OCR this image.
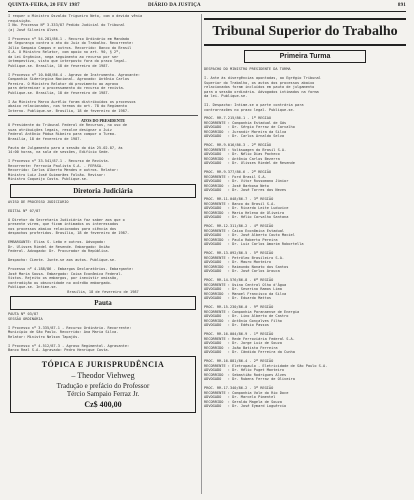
QUINTA-FEIRA, 20 FEV 1987	DIÁRIO DA JUSTIÇA	891
I requer o Ministro Osvaldo Trigueiro Neto, com a devida vênia
requisição.
I No. Processo Nº 3.333/87 Pedido Judicial do Tribunal
(a) José Silveira Alves

I Processo nº 54.281/86-1 - Recurso Ordinário em Mandado
de Segurança contra o ato do Juiz do Trabalho. Recorrente:
Júlio Sampaio Campos e outros. Recorrido: Banco do Brasil
S.A. O Ministro Relator, com apoio no art. 90, § 2º,
da Lei Orgânica, nega seguimento ao recurso por ser
intempestivo, visto que interposto fora do prazo legal.
Publique-se. Brasília, 18 de fevereiro de 1987.

I Processo nº 10.048/86-4 - Agravo de Instrumento. Agravante:
Companhia Siderúrgica Nacional. Agravado: Antônio Carlos
Pereira. O Ministro Relator dá provimento ao agravo
para determinar o processamento do recurso de revista.
Publique-se. Brasília, 18 de fevereiro de 1987.

I Ao Ministro Marco Aurélio foram distribuídos os processos
abaixo relacionados, nos termos do art. 78 do Regimento
Interno. Publique-se. Brasília, 18 de fevereiro de 1987.
ATOS DO PRESIDENTE
O Presidente do Tribunal Federal de Recursos, no uso de
suas atribuições legais, resolve designar o Juiz
Federal Antônio Pádua Ribeiro para compor a Turma.
Brasília, 18 de fevereiro de 1987.

Pauta de Julgamento para a sessão do dia 25.02.87, às
14:00 horas, na sala de sessões, Edifício Sede.

I Processo nº 33.541/87-1 - Recurso de Revista.
Recorrente: Ferrovia Paulista S.A. - FEPASA.
Recorrido: Carlos Alberto Mendes e outros. Relator:
Ministro Luiz José Guimarães Falcão. Revisor:
Ministro Coqueijo Costa. Publique-se.
Diretoria Judiciária
AVISO DE PROCESSO JUDICIÁRIO

EDITAL Nº 07/87

O Diretor da Secretaria Judiciária faz saber aos que o
presente virem, que ficam intimados os interessados
nos processos abaixo relacionados para ciência dos
despachos proferidos. Brasília, 18 de fevereiro de 1987.

EMBARGANTE: Elias S. Leão e outros. Advogado:
Dr. Ulisses Riedel de Resende. Embargado: União
Federal. Advogado: Dr. Procurador da República.

Despacho: Ciente. Junte-se aos autos. Publique-se.

Processo nº 4.188/86 - Embargos Declaratórios. Embargante:
José Maria Sousa. Embargado: Caixa Econômica Federal.
Vistos. Rejeito os embargos, por inexistir omissão,
contradição ou obscuridade no acórdão embargado.
Publique-se. Intime-se.
Brasília, 18 de fevereiro de 1987
Pauta
PAUTA Nº 03/87
SESSÃO ORDINÁRIA

I Processo nº 3.335/87-1 - Recurso Ordinário. Recorrente:
Município de São Paulo. Recorrido: Ana Maria Silva.
Relator: Ministro Nelson Tapajós.

I Processo nº 4.512/87-3 - Agravo Regimental. Agravante:
Banco Real S.A. Agravado: Pedro Henrique Costa.
TÓPICA E JURISPRUDÊNCIA
– Theodor Viehweg
Tradução e prefácio do Professor
Tércio Sampaio Ferraz Jr.
Cz$ 400,00
Tribunal Superior do Trabalho
Primeira Turma
DESPACHO DO MINISTRO PRESIDENTE DA TURMA

I. Ante às divergências apontadas, ao Egrégio Tribunal
Superior do Trabalho, os autos dos processos abaixo
relacionados foram incluídos em pauta de julgamento
para a sessão ordinária. Advogados intimados na forma
da lei. Publique-se.

II. Despacho: Intime-se a parte contrária para
contrarrazões no prazo legal. Publique-se.
PROC. RR-7.215/86-1 - 1ª REGIÃO
RECORRENTE : Companhia Estadual de Gás
ADVOGADO   : Dr. Sérgio Ferraz de Carvalho
RECORRIDO  : Jurandir Moreira da Silva
ADVOGADO   : Dr. Carlos Arnaldo Selva

PROC. RR-9.016/86-3 - 2ª REGIÃO
RECORRENTE : Volkswagen do Brasil S.A.
ADVOGADO   : Dr. Nélio Dias Pacheco
RECORRIDO  : Antônio Carlos Bezerra
ADVOGADO   : Dr. Ulisses Riedel de Resende

PROC. RR-9.377/86-6 - 2ª REGIÃO
RECORRENTE : Ford Brasil S.A.
ADVOGADO   : Dr. Vitor Russomano Júnior
RECORRIDO  : José Barbosa Neto
ADVOGADO   : Dr. José Torres das Neves

PROC. RR-11.048/86-7 - 3ª REGIÃO
RECORRENTE : Banco do Brasil S.A.
ADVOGADO   : Dr. Ricardo Leite Luduvice
RECORRIDO  : Maria Helena de Oliveira
ADVOGADO   : Dr. Hélio Carvalho Santana

PROC. RR-12.311/86-2 - 4ª REGIÃO
RECORRENTE : Caixa Econômica Estadual
ADVOGADO   : Dr. José Alberto Couto Maciel
RECORRIDO  : Paulo Roberto Pereira
ADVOGADO   : Dr. Luiz Carlos Amorim Robortella

PROC. RR-13.092/86-5 - 5ª REGIÃO
RECORRENTE : Petróleo Brasileiro S.A.
ADVOGADO   : Dr. Mauro Monteiro
RECORRIDO  : Raimundo Nonato dos Santos
ADVOGADO   : Dr. José Carlos Arouca

PROC. RR-14.576/86-8 - 6ª REGIÃO
RECORRENTE : Usina Central Olho d'Água
ADVOGADO   : Dr. Severino Ramos Lima
RECORRIDO  : Manoel Francisco da Silva
ADVOGADO   : Dr. Eduardo Mattos

PROC. RR-15.230/86-0 - 9ª REGIÃO
RECORRENTE : Companhia Paranaense de Energia
ADVOGADO   : Dr. Lino Alberto de Castro
RECORRIDO  : Antônio Gonçalves Filho
ADVOGADO   : Dr. Edésio Passos

PROC. RR-16.004/86-9 - 1ª REGIÃO
RECORRENTE : Rede Ferroviária Federal S.A.
ADVOGADO   : Dr. Jorge Luiz de Souza
RECORRIDO  : João Batista Ferreira
ADVOGADO   : Dr. Cândido Ferreira da Cunha

PROC. RR-16.881/86-4 - 2ª REGIÃO
RECORRENTE : Eletropaulo - Eletricidade de São Paulo S.A.
ADVOGADO   : Dr. Hélio Puget Monteiro
RECORRIDO  : Sebastião Rodrigues Alves
ADVOGADO   : Dr. Rubens Ferraz de Oliveira

PROC. RR-17.340/86-2 - 3ª REGIÃO
RECORRENTE : Companhia Vale do Rio Doce
ADVOGADO   : Dr. Marcelo Pimentel
RECORRIDO  : Geraldo Magela de Souza
ADVOGADO   : Dr. José Eymard Loguércio
